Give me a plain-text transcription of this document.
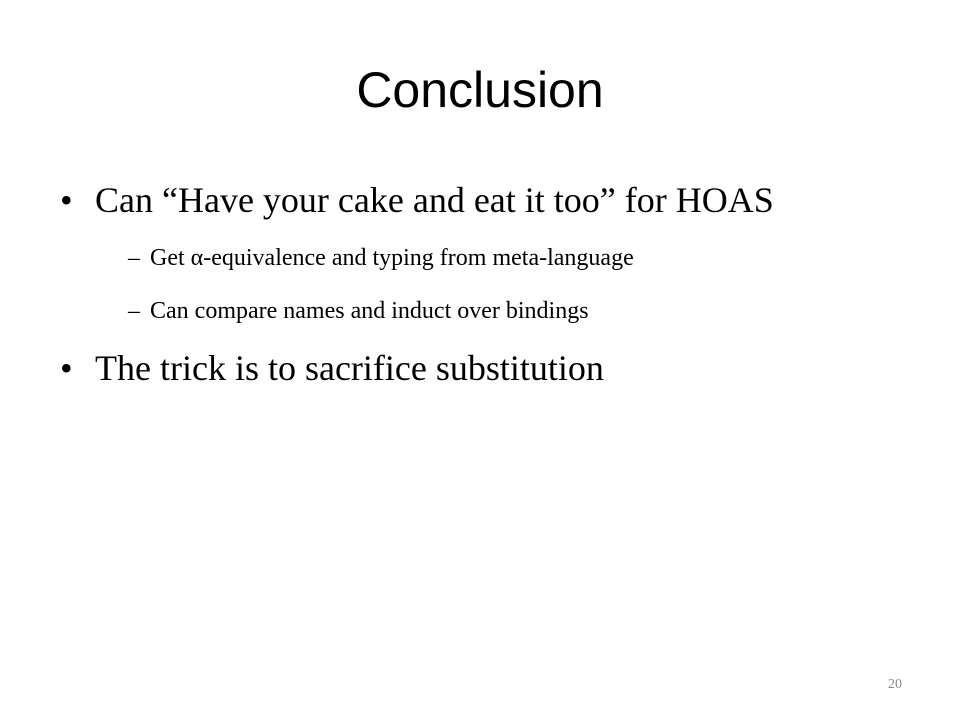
Conclusion
• Can “Have your cake and eat it too” for HOAS
– Get α-equivalence and typing from meta-language
– Can compare names and induct over bindings
• The trick is to sacrifice substitution
20
